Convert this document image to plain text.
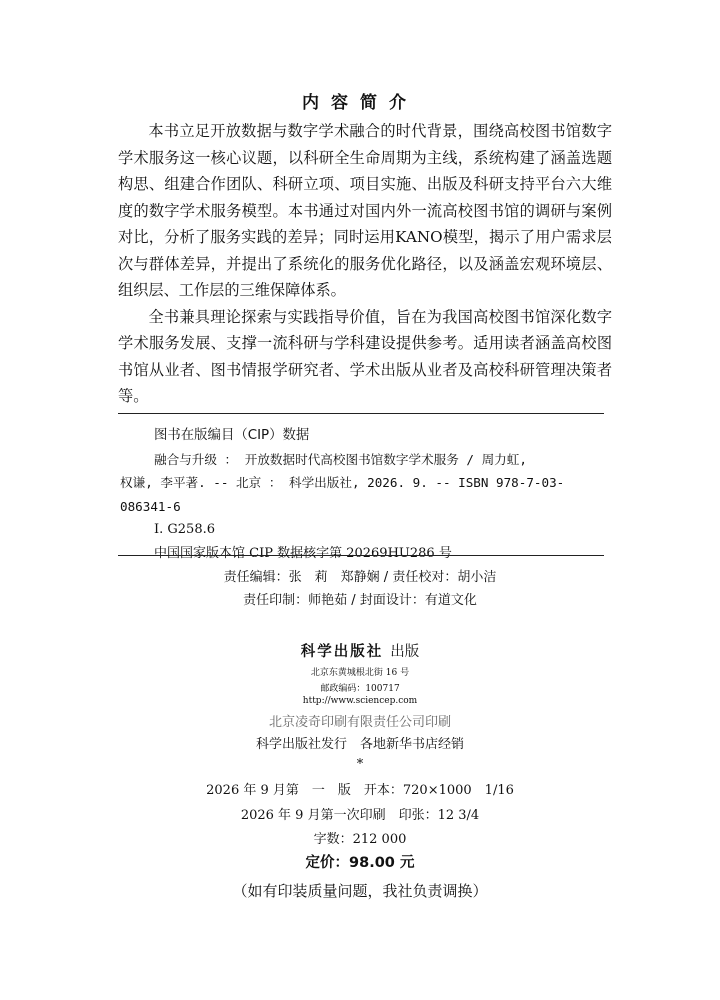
内容简介

本书立足开放数据与数字学术融合的时代背景，围绕高校图书馆数字学术服务这一核心议题，以科研全生命周期为主线，系统构建了涵盖选题构思、组建合作团队、科研立项、项目实施、出版及科研支持平台六大维度的数字学术服务模型。本书通过对国内外一流高校图书馆的调研与案例对比，分析了服务实践的差异；同时运用KANO模型，揭示了用户需求层次与群体差异，并提出了系统化的服务优化路径，以及涵盖宏观环境层、组织层、工作层的三维保障体系。

全书兼具理论探索与实践指导价值，旨在为我国高校图书馆深化数字学术服务发展、支撑一流科研与学科建设提供参考。适用读者涵盖高校图书馆从业者、图书情报学研究者、学术出版从业者及高校科研管理决策者等。

图书在版编目（CIP）数据
融合与升级 ： 开放数据时代高校图书馆数字学术服务 / 周力虹,
权谦, 李平著. -- 北京 ： 科学出版社, 2026. 9. -- ISBN 978-7-03-
086341-6
Ⅰ. G258.6
中国国家版本馆 CIP 数据核字第 20269HU286 号
责任编辑：张　莉　郑静娴 / 责任校对：胡小洁
责任印制：师艳茹 / 封面设计：有道文化
科学出版社 出版
北京东黄城根北街 16 号
邮政编码：100717
http://www.sciencep.com
北京凌奇印刷有限责任公司印刷
科学出版社发行　各地新华书店经销
*
2026 年 9 月第　一　版　开本：720×1000　1/16
2026 年 9 月第一次印刷　印张：12 3/4
字数：212 000
定价：98.00 元
（如有印装质量问题，我社负责调换）
